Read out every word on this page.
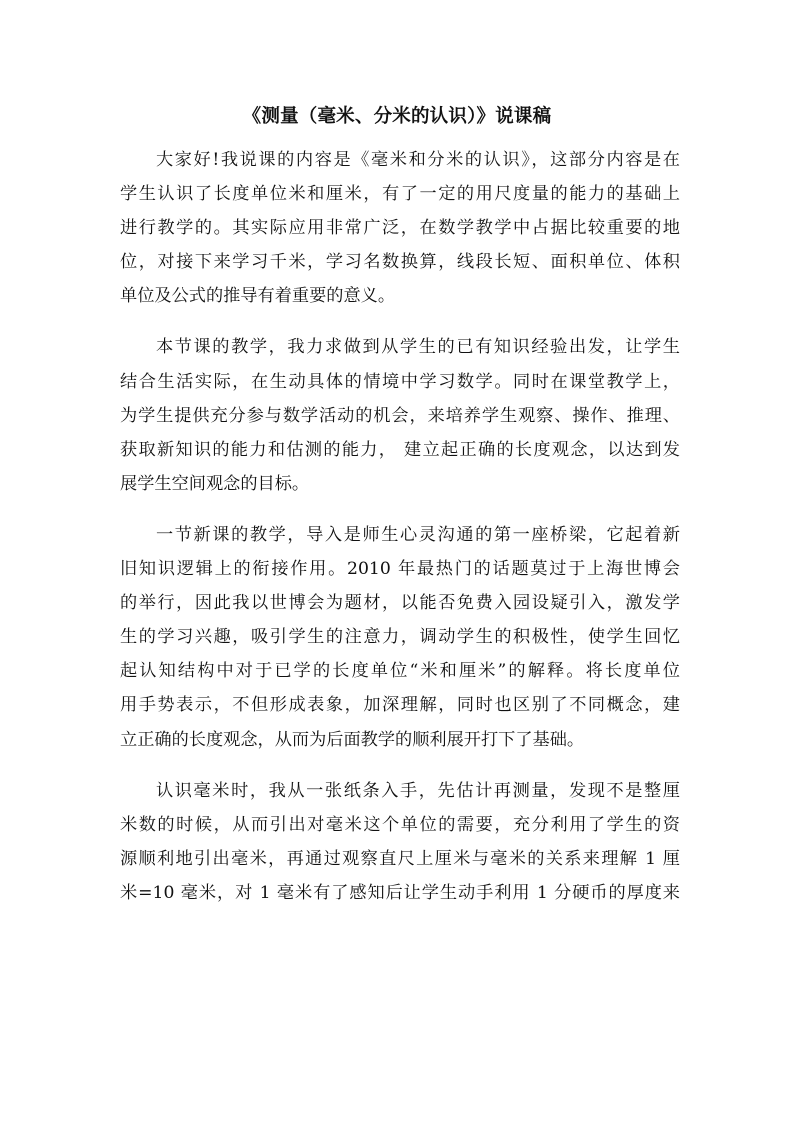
《测量（毫米、分米的认识）》说课稿
大家好!我说课的内容是《毫米和分米的认识》，这部分内容是在
学生认识了长度单位米和厘米，有了一定的用尺度量的能力的基础上
进行教学的。其实际应用非常广泛，在数学教学中占据比较重要的地
位，对接下来学习千米，学习名数换算，线段长短、面积单位、体积
单位及公式的推导有着重要的意义。
本节课的教学，我力求做到从学生的已有知识经验出发，让学生
结合生活实际，在生动具体的情境中学习数学。同时在课堂教学上，
为学生提供充分参与数学活动的机会，来培养学生观察、操作、推理、
获取新知识的能力和估测的能力， 建立起正确的长度观念，以达到发
展学生空间观念的目标。
一节新课的教学，导入是师生心灵沟通的第一座桥梁，它起着新
旧知识逻辑上的衔接作用。2010 年最热门的话题莫过于上海世博会
的举行，因此我以世博会为题材，以能否免费入园设疑引入，激发学
生的学习兴趣，吸引学生的注意力，调动学生的积极性，使学生回忆
起认知结构中对于已学的长度单位“米和厘米”的解释。将长度单位
用手势表示，不但形成表象，加深理解，同时也区别了不同概念，建
立正确的长度观念，从而为后面教学的顺利展开打下了基础。
认识毫米时，我从一张纸条入手，先估计再测量，发现不是整厘
米数的时候，从而引出对毫米这个单位的需要，充分利用了学生的资
源顺利地引出毫米，再通过观察直尺上厘米与毫米的关系来理解 1 厘
米=10 毫米，对 1 毫米有了感知后让学生动手利用 1 分硬币的厚度来
